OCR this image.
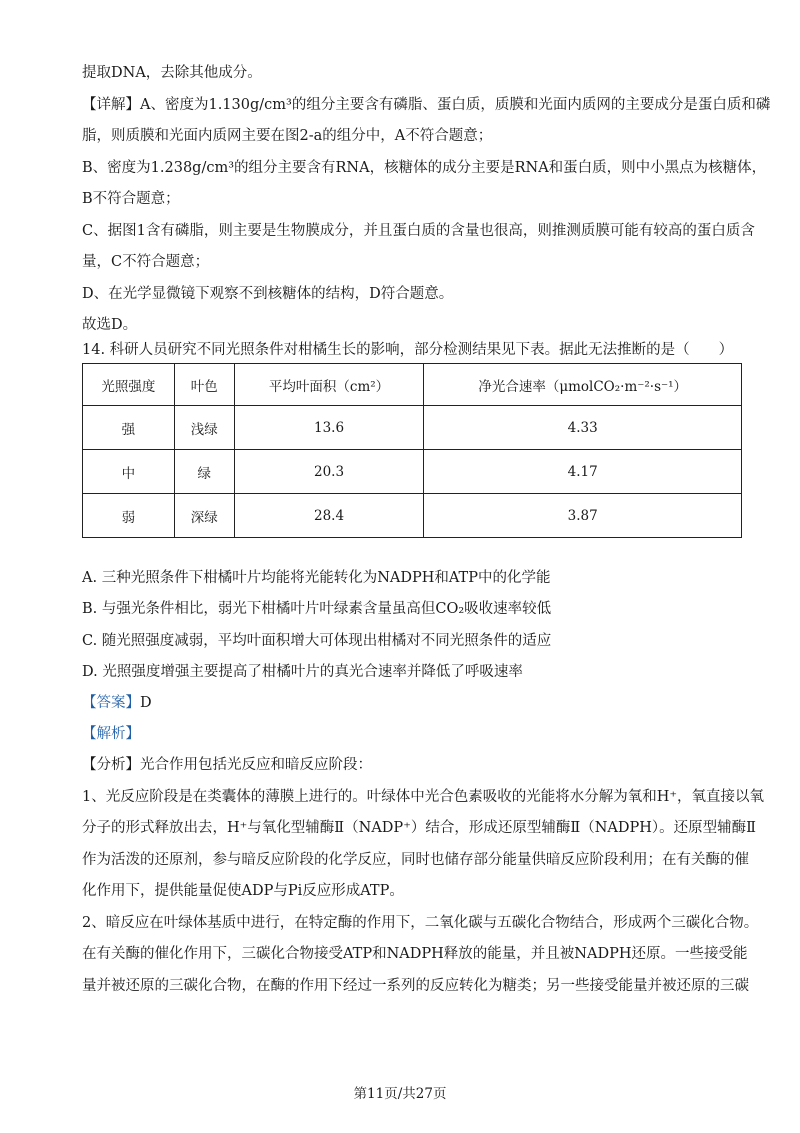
提取DNA，去除其他成分。
【详解】A、密度为1.130g/cm³的组分主要含有磷脂、蛋白质，质膜和光面内质网的主要成分是蛋白质和磷
脂，则质膜和光面内质网主要在图2-a的组分中，A不符合题意；
B、密度为1.238g/cm³的组分主要含有RNA，核糖体的成分主要是RNA和蛋白质，则中小黑点为核糖体，
B不符合题意；
C、据图1含有磷脂，则主要是生物膜成分，并且蛋白质的含量也很高，则推测质膜可能有较高的蛋白质含
量，C不符合题意；
D、在光学显微镜下观察不到核糖体的结构，D符合题意。
故选D。
14. 科研人员研究不同光照条件对柑橘生长的影响，部分检测结果见下表。据此无法推断的是（　　）
光照强度	叶色	平均叶面积（cm²）	净光合速率（μmolCO₂·m⁻²·s⁻¹）
强	浅绿	13.6	4.33
中	绿	20.3	4.17
弱	深绿	28.4	3.87
A. 三种光照条件下柑橘叶片均能将光能转化为NADPH和ATP中的化学能
B. 与强光条件相比，弱光下柑橘叶片叶绿素含量虽高但CO₂吸收速率较低
C. 随光照强度减弱，平均叶面积增大可体现出柑橘对不同光照条件的适应
D. 光照强度增强主要提高了柑橘叶片的真光合速率并降低了呼吸速率
【答案】D
【解析】
【分析】光合作用包括光反应和暗反应阶段：
1、光反应阶段是在类囊体的薄膜上进行的。叶绿体中光合色素吸收的光能将水分解为氧和H⁺，氧直接以氧
分子的形式释放出去，H⁺与氧化型辅酶Ⅱ（NADP⁺）结合，形成还原型辅酶Ⅱ（NADPH）。还原型辅酶Ⅱ
作为活泼的还原剂，参与暗反应阶段的化学反应，同时也储存部分能量供暗反应阶段利用；在有关酶的催
化作用下，提供能量促使ADP与Pi反应形成ATP。
2、暗反应在叶绿体基质中进行，在特定酶的作用下，二氧化碳与五碳化合物结合，形成两个三碳化合物。
在有关酶的催化作用下，三碳化合物接受ATP和NADPH释放的能量，并且被NADPH还原。一些接受能
量并被还原的三碳化合物，在酶的作用下经过一系列的反应转化为糖类；另一些接受能量并被还原的三碳
第11页/共27页
